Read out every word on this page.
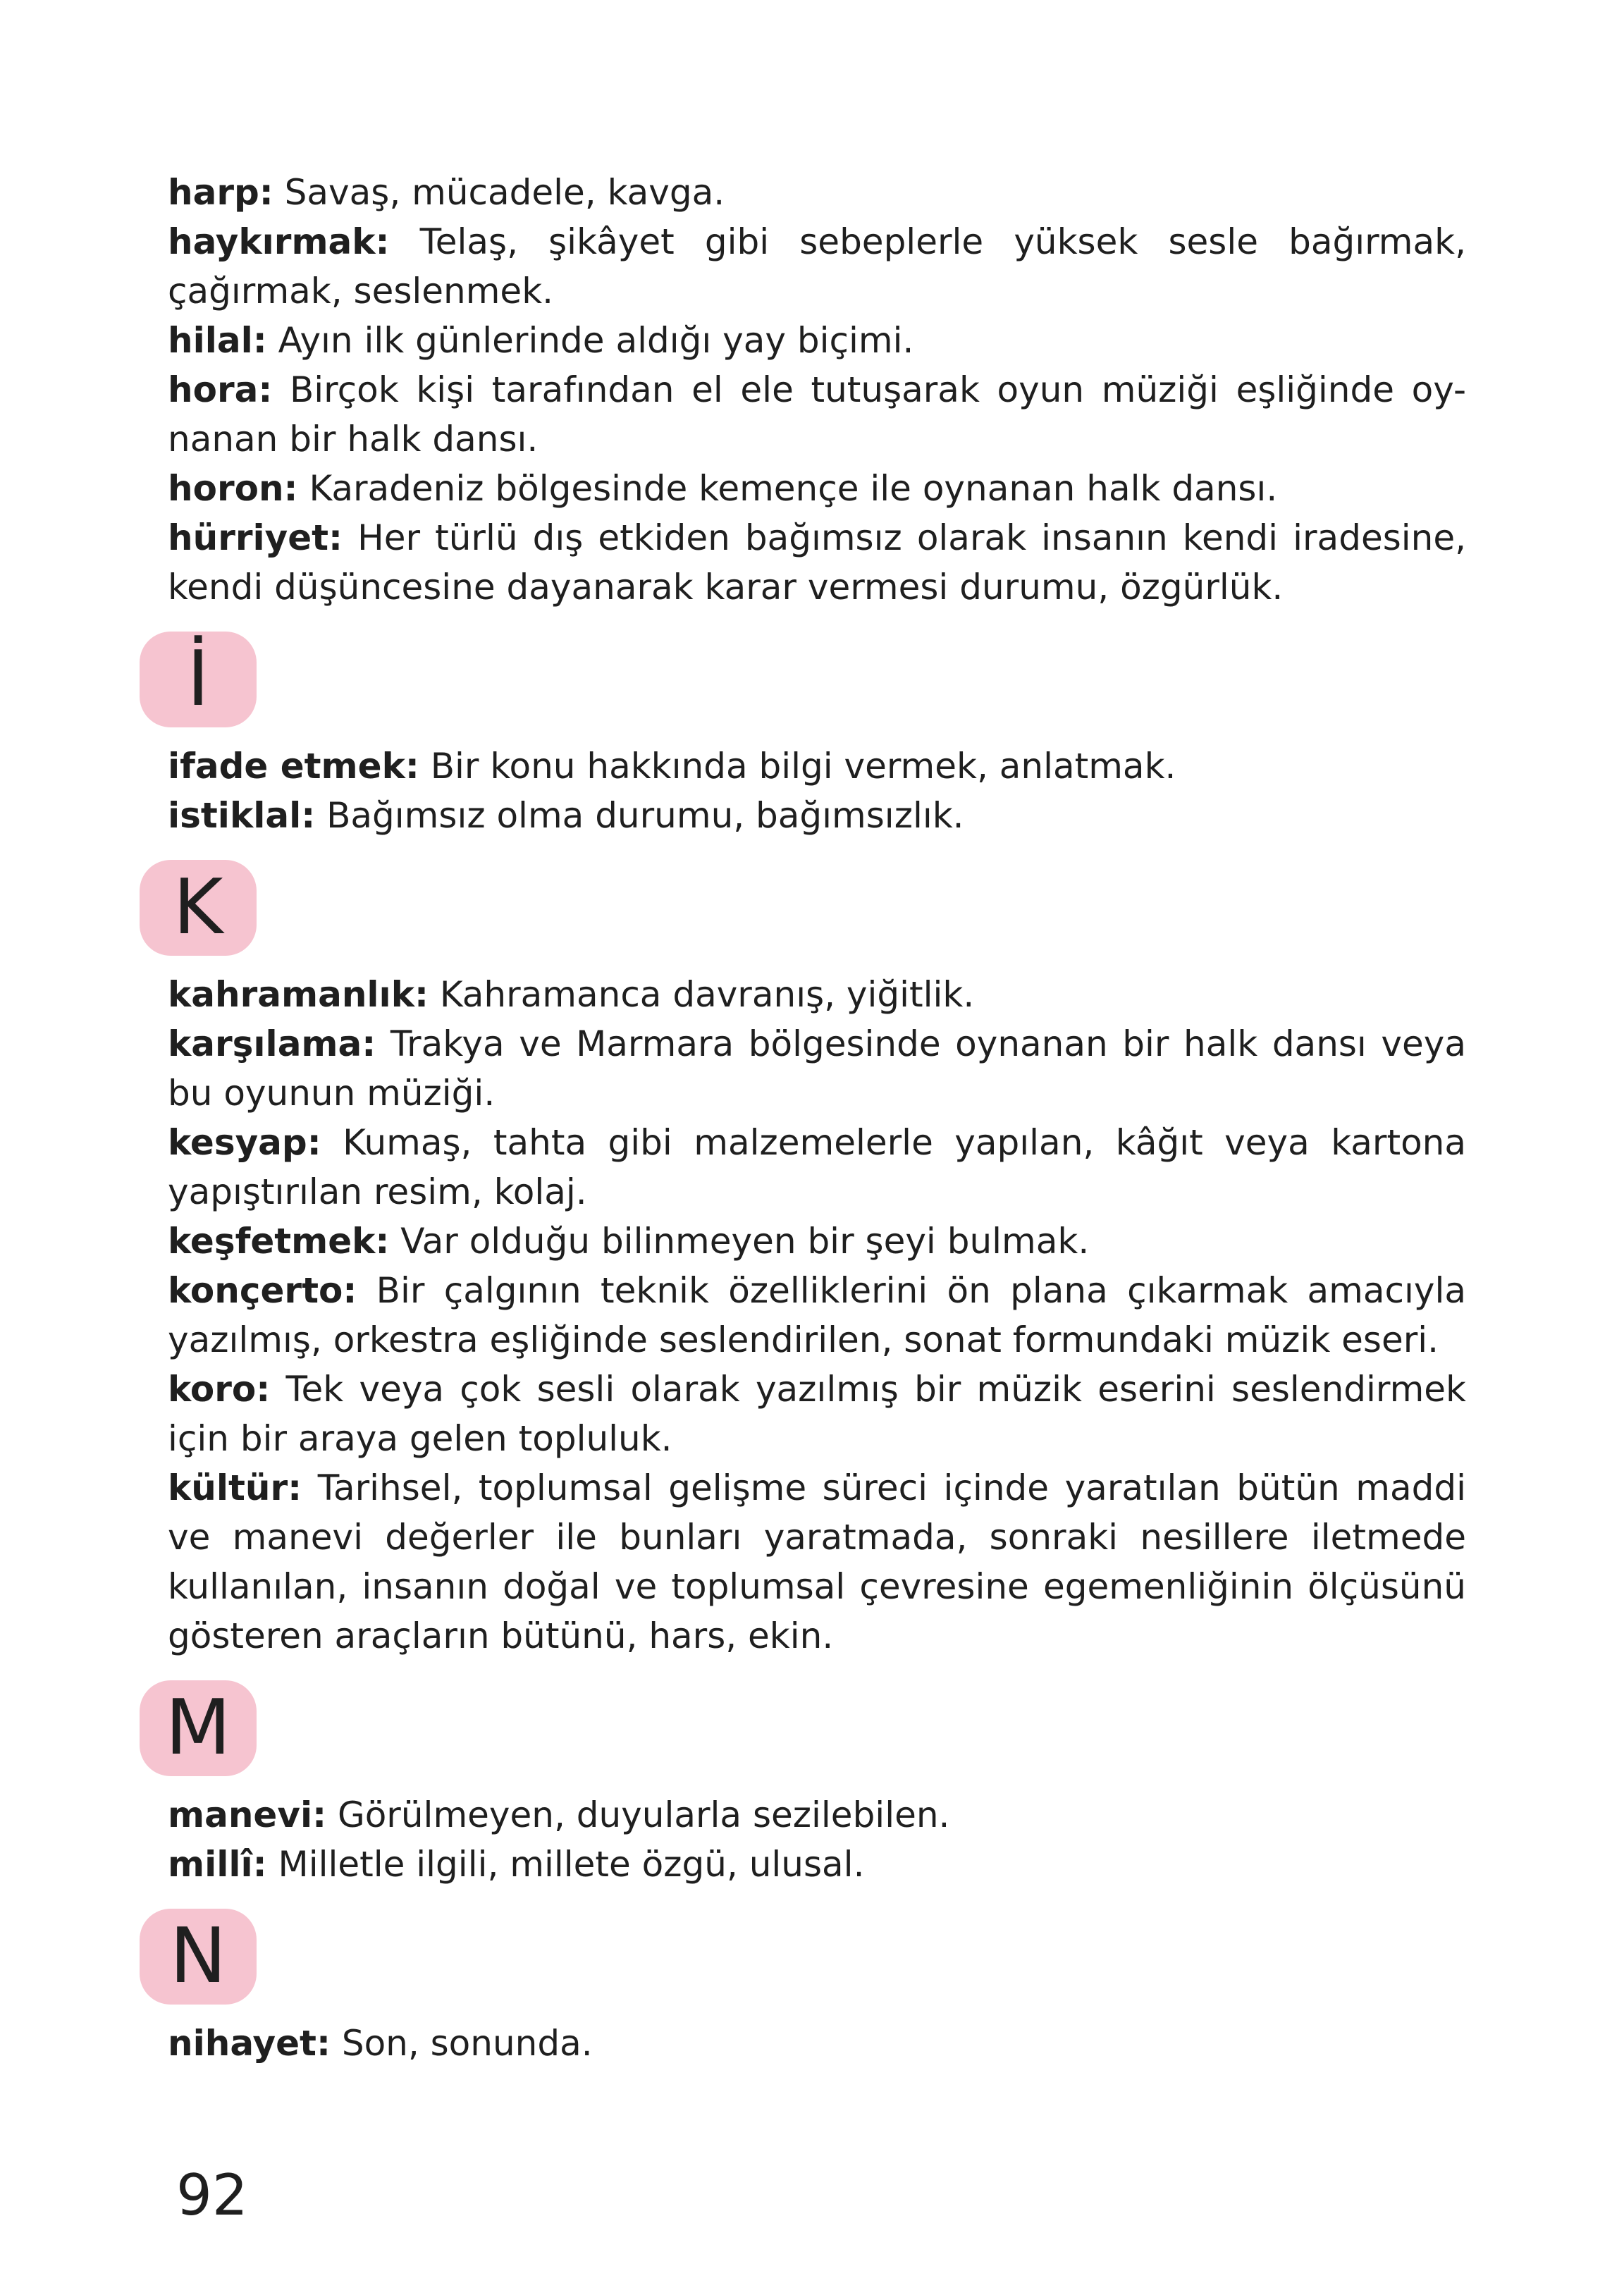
harp: Savaş, mücadele, kavga.

haykırmak: Telaş, şikâyet gibi sebeplerle yüksek sesle bağırmak, çağırmak, seslenmek.

hilal: Ayın ilk günlerinde aldığı yay biçimi.

hora: Birçok kişi tarafından el ele tutuşarak oyun müziği eşliğinde oy-nanan bir halk dansı.

horon: Karadeniz bölgesinde kemençe ile oynanan halk dansı.

hürriyet: Her türlü dış etkiden bağımsız olarak insanın kendi iradesine, kendi düşüncesine dayanarak karar vermesi durumu, özgürlük.

İ

ifade etmek: Bir konu hakkında bilgi vermek, anlatmak.

istiklal: Bağımsız olma durumu, bağımsızlık.

K

kahramanlık: Kahramanca davranış, yiğitlik.

karşılama: Trakya ve Marmara bölgesinde oynanan bir halk dansı veya bu oyunun müziği.

kesyap: Kumaş, tahta gibi malzemelerle yapılan, kâğıt veya kartona yapıştırılan resim, kolaj.

keşfetmek: Var olduğu bilinmeyen bir şeyi bulmak.

konçerto: Bir çalgının teknik özelliklerini ön plana çıkarmak amacıyla yazılmış, orkestra eşliğinde seslendirilen, sonat formundaki müzik eseri.

koro: Tek veya çok sesli olarak yazılmış bir müzik eserini seslendirmek için bir araya gelen topluluk.

kültür: Tarihsel, toplumsal gelişme süreci içinde yaratılan bütün maddi ve manevi değerler ile bunları yaratmada, sonraki nesillere iletmede kullanılan, insanın doğal ve toplumsal çevresine egemenliğinin ölçüsünü gösteren araçların bütünü, hars, ekin.

M

manevi: Görülmeyen, duyularla sezilebilen.

millî: Milletle ilgili, millete özgü, ulusal.

N

nihayet: Son, sonunda.

92
